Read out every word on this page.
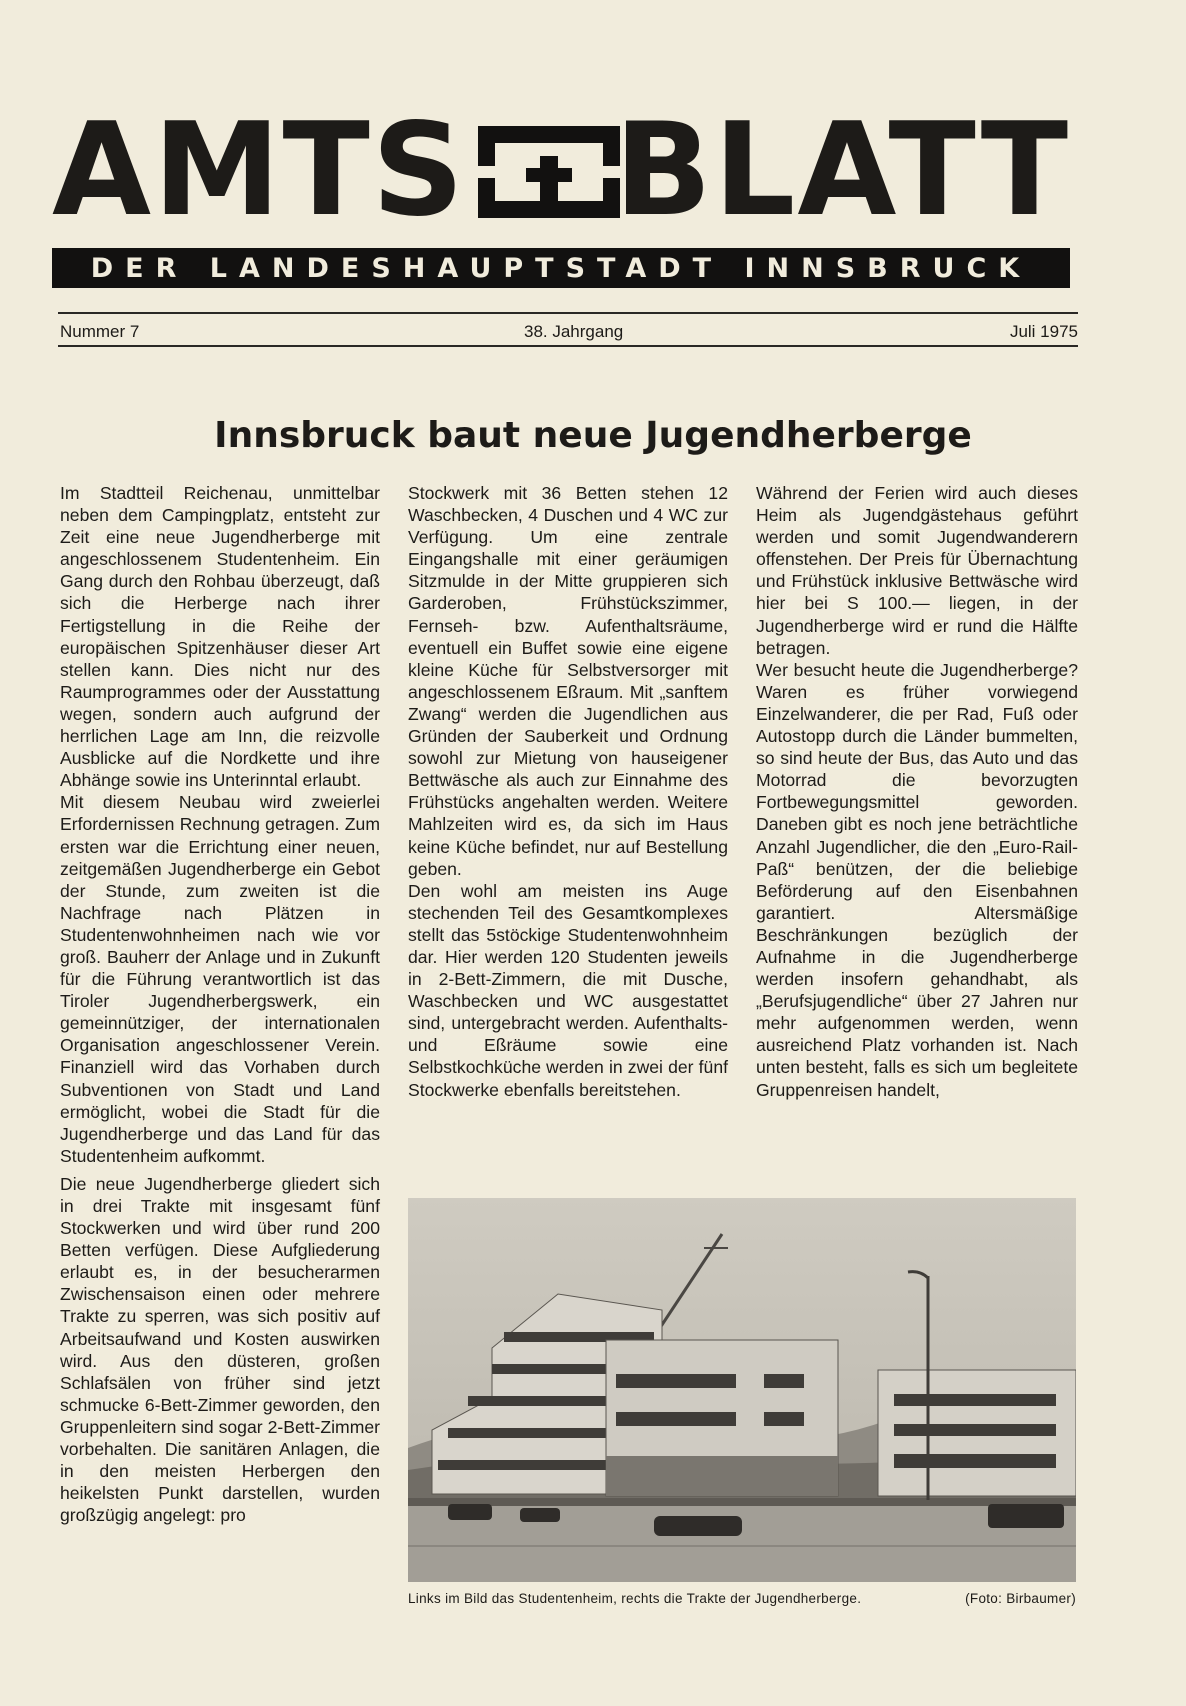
AMTS BLATT
DER LANDESHAUPTSTADT INNSBRUCK
Nummer 7	38. Jahrgang	Juli 1975
Innsbruck baut neue Jugendherberge

Im Stadtteil Reichenau, unmittelbar neben dem Campingplatz, entsteht zur Zeit eine neue Jugendherberge mit angeschlossenem Studentenheim. Ein Gang durch den Rohbau überzeugt, daß sich die Herberge nach ihrer Fertigstellung in die Reihe der europäischen Spitzenhäuser dieser Art stellen kann. Dies nicht nur des Raumprogrammes oder der Ausstattung wegen, sondern auch aufgrund der herrlichen Lage am Inn, die reizvolle Ausblicke auf die Nordkette und ihre Abhänge sowie ins Unterinntal erlaubt.

Mit diesem Neubau wird zweierlei Erfordernissen Rechnung getragen. Zum ersten war die Errichtung einer neuen, zeitgemäßen Jugendherberge ein Gebot der Stunde, zum zweiten ist die Nachfrage nach Plätzen in Studentenwohnheimen nach wie vor groß. Bauherr der Anlage und in Zukunft für die Führung verantwortlich ist das Tiroler Jugendherbergswerk, ein gemeinnütziger, der internationalen Organisation angeschlossener Verein. Finanziell wird das Vorhaben durch Subventionen von Stadt und Land ermöglicht, wobei die Stadt für die Jugendherberge und das Land für das Studentenheim aufkommt.

Die neue Jugendherberge gliedert sich in drei Trakte mit insgesamt fünf Stockwerken und wird über rund 200 Betten verfügen. Diese Aufgliederung erlaubt es, in der besucherarmen Zwischensaison einen oder mehrere Trakte zu sperren, was sich positiv auf Arbeitsaufwand und Kosten auswirken wird. Aus den düsteren, großen Schlafsälen von früher sind jetzt schmucke 6-Bett-Zimmer geworden, den Gruppenleitern sind sogar 2-Bett-Zimmer vorbehalten. Die sanitären Anlagen, die in den meisten Herbergen den heikelsten Punkt darstellen, wurden großzügig angelegt: pro

Stockwerk mit 36 Betten stehen 12 Waschbecken, 4 Duschen und 4 WC zur Verfügung. Um eine zentrale Eingangshalle mit einer geräumigen Sitzmulde in der Mitte gruppieren sich Garderoben, Frühstückszimmer, Fernseh- bzw. Aufenthaltsräume, eventuell ein Buffet sowie eine eigene kleine Küche für Selbstversorger mit angeschlossenem Eßraum. Mit „sanftem Zwang“ werden die Jugendlichen aus Gründen der Sauberkeit und Ordnung sowohl zur Mietung von hauseigener Bettwäsche als auch zur Einnahme des Frühstücks angehalten werden. Weitere Mahlzeiten wird es, da sich im Haus keine Küche befindet, nur auf Bestellung geben.

Den wohl am meisten ins Auge stechenden Teil des Gesamtkomplexes stellt das 5stöckige Studentenwohnheim dar. Hier werden 120 Studenten jeweils in 2-Bett-Zimmern, die mit Dusche, Waschbecken und WC ausgestattet sind, untergebracht werden. Aufenthalts- und Eßräume sowie eine Selbstkochküche werden in zwei der fünf Stockwerke ebenfalls bereitstehen.

Während der Ferien wird auch dieses Heim als Jugendgästehaus geführt werden und somit Jugendwanderern offenstehen. Der Preis für Übernachtung und Frühstück inklusive Bettwäsche wird hier bei S 100.— liegen, in der Jugendherberge wird er rund die Hälfte betragen.

Wer besucht heute die Jugendherberge? Waren es früher vorwiegend Einzelwanderer, die per Rad, Fuß oder Autostopp durch die Länder bummelten, so sind heute der Bus, das Auto und das Motorrad die bevorzugten Fortbewegungsmittel geworden. Daneben gibt es noch jene beträchtliche Anzahl Jugendlicher, die den „Euro-Rail-Paß“ benützen, der die beliebige Beförderung auf den Eisenbahnen garantiert. Altersmäßige Beschränkungen bezüglich der Aufnahme in die Jugendherberge werden insofern gehandhabt, als „Berufsjugendliche“ über 27 Jahren nur mehr aufgenommen werden, wenn ausreichend Platz vorhanden ist. Nach unten besteht, falls es sich um begleitete Gruppenreisen handelt,

Links im Bild das Studentenheim, rechts die Trakte der Jugendherberge.	(Foto: Birbaumer)
